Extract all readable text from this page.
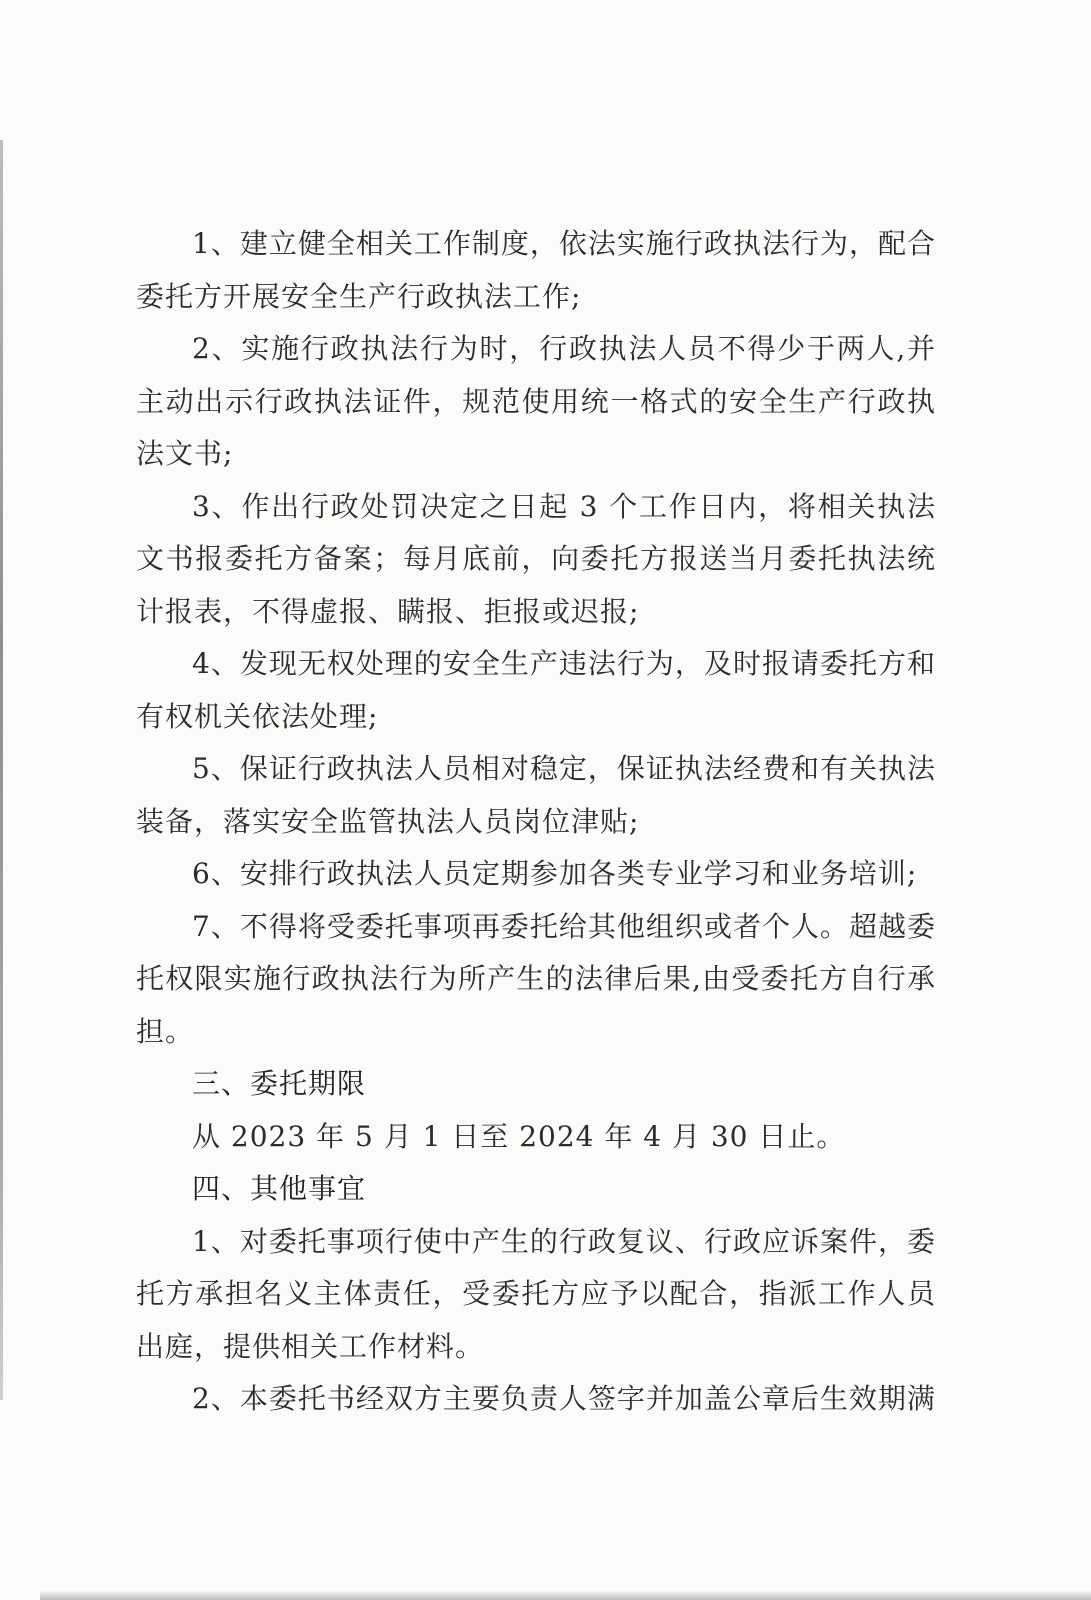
1、建立健全相关工作制度，依法实施行政执法行为，配合委托方开展安全生产行政执法工作;

2、实施行政执法行为时，行政执法人员不得少于两人,并主动出示行政执法证件，规范使用统一格式的安全生产行政执法文书;

3、作出行政处罚决定之日起 3 个工作日内，将相关执法文书报委托方备案；每月底前，向委托方报送当月委托执法统计报表，不得虚报、瞒报、拒报或迟报;

4、发现无权处理的安全生产违法行为，及时报请委托方和有权机关依法处理;

5、保证行政执法人员相对稳定，保证执法经费和有关执法装备，落实安全监管执法人员岗位津贴;

6、安排行政执法人员定期参加各类专业学习和业务培训;

7、不得将受委托事项再委托给其他组织或者个人。超越委托权限实施行政执法行为所产生的法律后果,由受委托方自行承担。

三、委托期限

从 2023 年 5 月 1 日至 2024 年 4 月 30 日止。

四、其他事宜

1、对委托事项行使中产生的行政复议、行政应诉案件，委托方承担名义主体责任，受委托方应予以配合，指派工作人员出庭，提供相关工作材料。

2、本委托书经双方主要负责人签字并加盖公章后生效期满
